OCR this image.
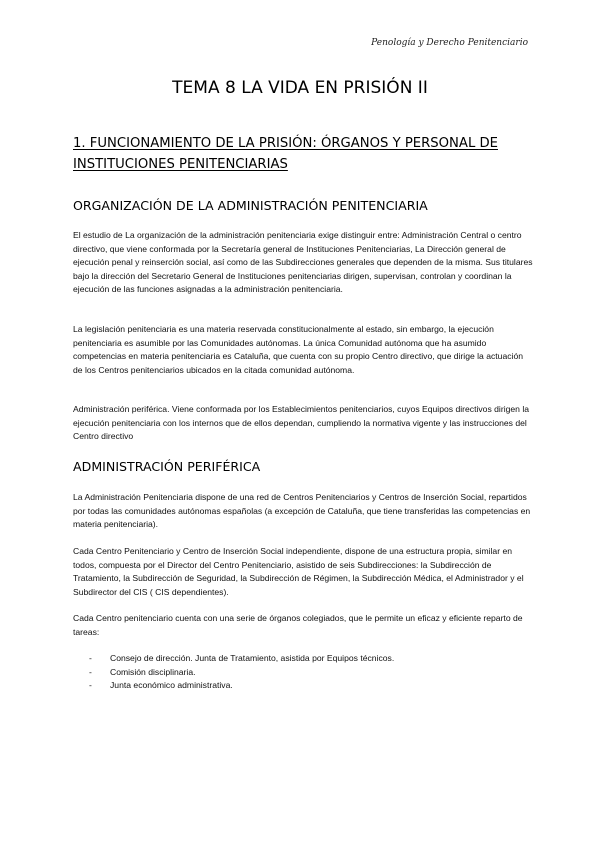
Penología y Derecho Penitenciario
TEMA 8 LA VIDA EN PRISIÓN II
1. FUNCIONAMIENTO DE LA PRISIÓN: ÓRGANOS Y PERSONAL DE INSTITUCIONES PENITENCIARIAS
ORGANIZACIÓN DE LA ADMINISTRACIÓN PENITENCIARIA

El estudio de La organización de la administración penitenciaria exige distinguir entre: Administración Central o centro directivo, que viene conformada por la Secretaría general de Instituciones Penitenciarias, La Dirección general de ejecución penal y reinserción social, así como de las Subdirecciones generales que dependen de la misma. Sus titulares bajo la dirección del Secretario General de Instituciones penitenciarias dirigen, supervisan, controlan y coordinan la ejecución de las funciones asignadas a la administración penitenciaria.

La legislación penitenciaria es una materia reservada constitucionalmente al estado, sin embargo, la ejecución penitenciaria es asumible por las Comunidades autónomas. La única Comunidad autónoma que ha asumido competencias en materia penitenciaria es Cataluña, que cuenta con su propio Centro directivo, que dirige la actuación de los Centros penitenciarios ubicados en la citada comunidad autónoma.

Administración periférica. Viene conformada por los Establecimientos penitenciarios, cuyos Equipos directivos dirigen la ejecución penitenciaria con los internos que de ellos dependan, cumpliendo la normativa vigente y las instrucciones del Centro directivo

ADMINISTRACIÓN PERIFÉRICA

La Administración Penitenciaria dispone de una red de Centros Penitenciarios y Centros de Inserción Social, repartidos por todas las comunidades autónomas españolas (a excepción de Cataluña, que tiene transferidas las competencias en materia penitenciaria).

Cada Centro Penitenciario y Centro de Inserción Social independiente, dispone de una estructura propia, similar en todos, compuesta por el Director del Centro Penitenciario, asistido de seis Subdirecciones: la Subdirección de Tratamiento, la Subdirección de Seguridad, la Subdirección de Régimen, la Subdirección Médica, el Administrador y el Subdirector del CIS ( CIS dependientes).

Cada Centro penitenciario cuenta con una serie de órganos colegiados, que le permite un eficaz y eficiente reparto de tareas:

- Consejo de dirección. Junta de Tratamiento, asistida por Equipos técnicos.
- Comisión disciplinaria.
- Junta económico administrativa.
